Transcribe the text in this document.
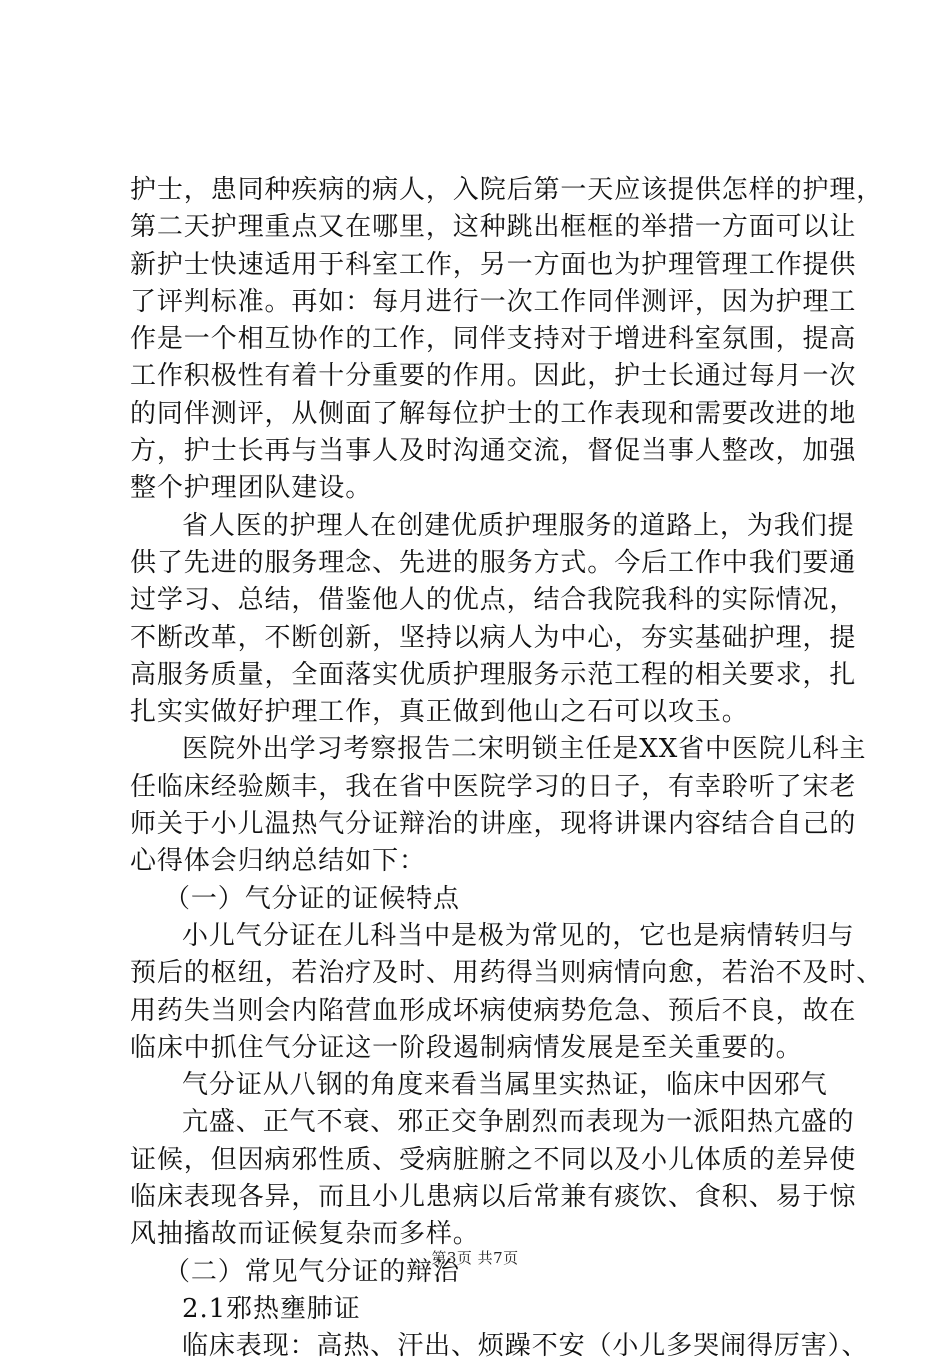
护士，患同种疾病的病人，入院后第一天应该提供怎样的护理，
第二天护理重点又在哪里，这种跳出框框的举措一方面可以让
新护士快速适用于科室工作，另一方面也为护理管理工作提供
了评判标准。再如：每月进行一次工作同伴测评，因为护理工
作是一个相互协作的工作，同伴支持对于增进科室氛围，提高
工作积极性有着十分重要的作用。因此，护士长通过每月一次
的同伴测评，从侧面了解每位护士的工作表现和需要改进的地
方，护士长再与当事人及时沟通交流，督促当事人整改，加强
整个护理团队建设。
省人医的护理人在创建优质护理服务的道路上，为我们提
供了先进的服务理念、先进的服务方式。今后工作中我们要通
过学习、总结，借鉴他人的优点，结合我院我科的实际情况，
不断改革，不断创新，坚持以病人为中心，夯实基础护理，提
高服务质量，全面落实优质护理服务示范工程的相关要求，扎
扎实实做好护理工作，真正做到他山之石可以攻玉。
医院外出学习考察报告二宋明锁主任是XX省中医院儿科主
任临床经验颇丰，我在省中医院学习的日子，有幸聆听了宋老
师关于小儿温热气分证辩治的讲座，现将讲课内容结合自己的
心得体会归纳总结如下：
（一）气分证的证候特点
小儿气分证在儿科当中是极为常见的，它也是病情转归与
预后的枢纽，若治疗及时、用药得当则病情向愈，若治不及时、
用药失当则会内陷营血形成坏病使病势危急、预后不良，故在
临床中抓住气分证这一阶段遏制病情发展是至关重要的。
气分证从八钢的角度来看当属里实热证，临床中因邪气
亢盛、正气不衰、邪正交争剧烈而表现为一派阳热亢盛的
证候，但因病邪性质、受病脏腑之不同以及小儿体质的差异使
临床表现各异，而且小儿患病以后常兼有痰饮、食积、易于惊
风抽搐故而证候复杂而多样。
（二）常见气分证的辩治
2.1邪热壅肺证
临床表现：高热、汗出、烦躁不安（小儿多哭闹得厉害）、
第3页 共7页
